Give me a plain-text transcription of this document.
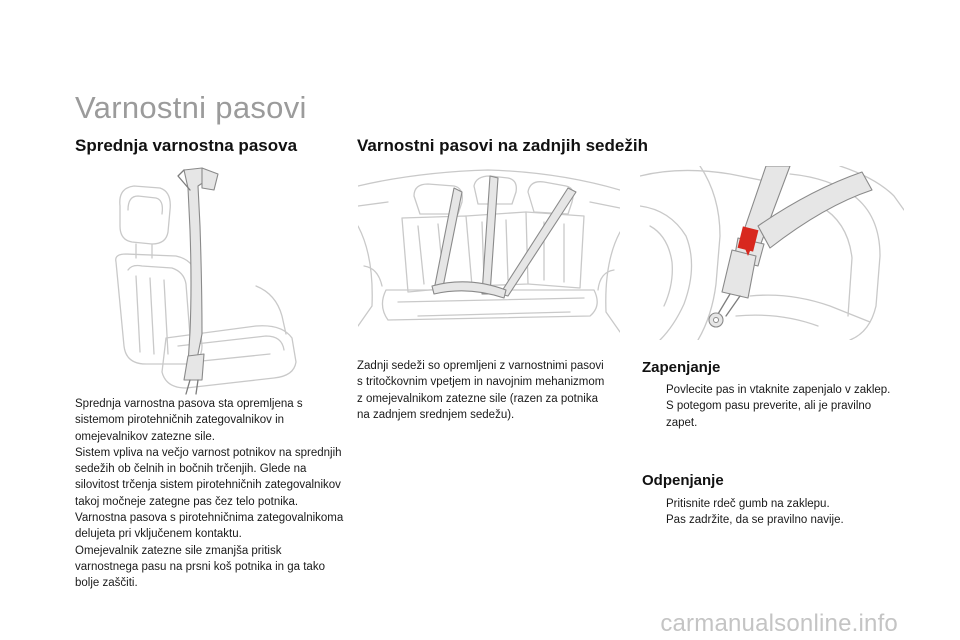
Varnostni pasovi
Sprednja varnostna pasova	Varnostni pasovi na zadnjih sedežih

Sprednja varnostna pasova sta opremljena s sistemom pirotehničnih zategovalnikov in omejevalnikov zatezne sile.

Sistem vpliva na večjo varnost potnikov na sprednjih sedežih ob čelnih in bočnih trčenjih. Glede na silovitost trčenja sistem pirotehničnih zategovalnikov takoj močneje zategne pas čez telo potnika.

Varnostna pasova s pirotehničnima zategovalnikoma delujeta pri vključenem kontaktu.

Omejevalnik zatezne sile zmanjša pritisk varnostnega pasu na prsni koš potnika in ga tako bolje zaščiti.

Zadnji sedeži so opremljeni z varnostnimi pasovi s tritočkovnim vpetjem in navojnim mehanizmom z omejevalnikom zatezne sile (razen za potnika na zadnjem srednjem sedežu).

Zapenjanje
Povlecite pas in vtaknite zapenjalo v zaklep.
S potegom pasu preverite, ali je pravilno zapet.
Odpenjanje
Pritisnite rdeč gumb na zaklepu.
Pas zadržite, da se pravilno navije.
carmanualsonline.info
